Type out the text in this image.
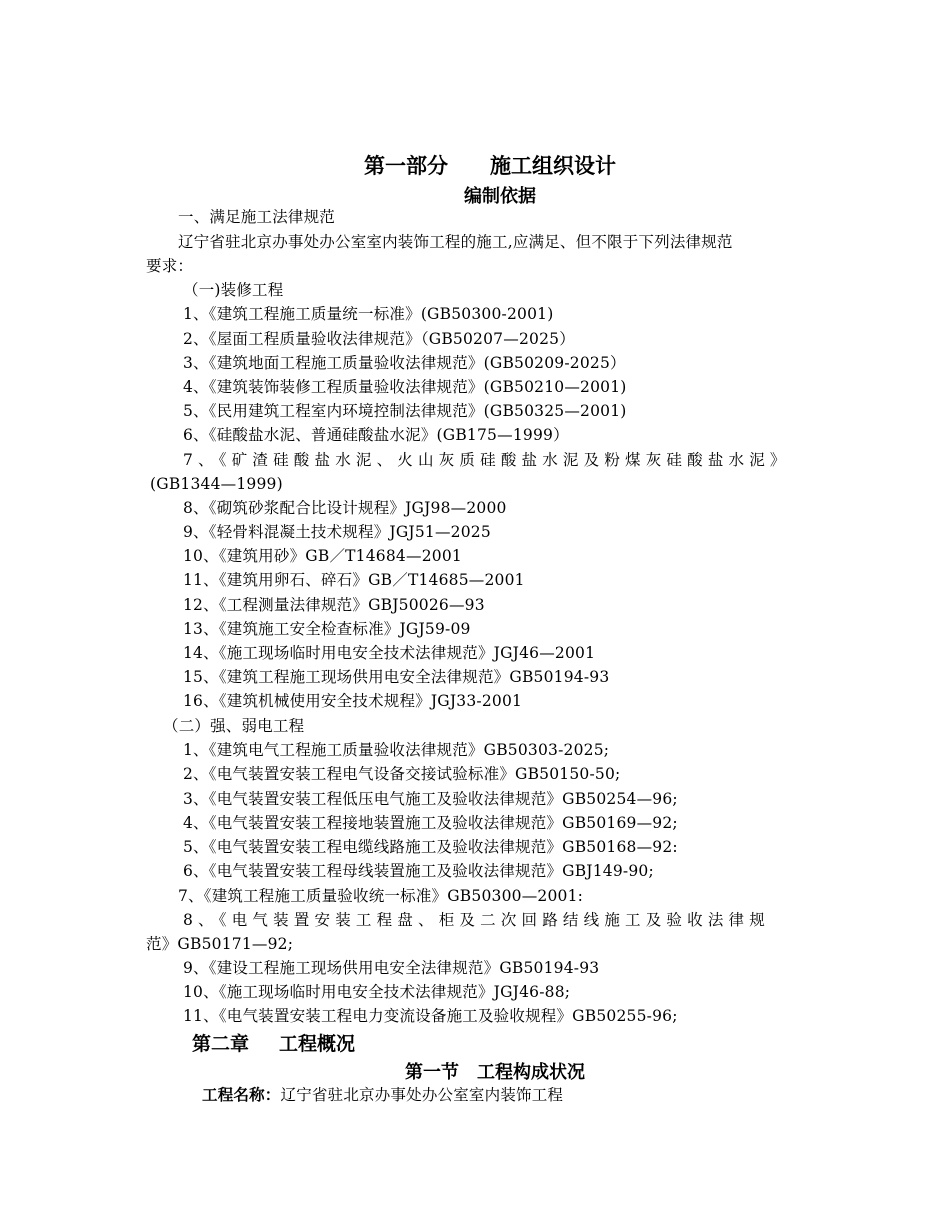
第一部分 施工组织设计
编制依据
一、满足施工法律规范
辽宁省驻北京办事处办公室室内装饰工程的施工,应满足、但不限于下列法律规范
要求：
（一)装修工程
1、《建筑工程施工质量统一标准》(GB50300-2001)
2、《屋面工程质量验收法律规范》（GB50207—2025）
3、《建筑地面工程施工质量验收法律规范》(GB50209-2025）
4、《建筑装饰装修工程质量验收法律规范》(GB50210—2001)
5、《民用建筑工程室内环境控制法律规范》(GB50325—2001)
6、《硅酸盐水泥、普通硅酸盐水泥》(GB175—1999）
7、《矿渣硅酸盐水泥、火山灰质硅酸盐水泥及粉煤灰硅酸盐水泥》
(GB1344—1999)
8、《砌筑砂浆配合比设计规程》JGJ98—2000
9、《轻骨料混凝土技术规程》JGJ51—2025
10、《建筑用砂》GB／T14684—2001
11、《建筑用卵石、碎石》GB／T14685—2001
12、《工程测量法律规范》GBJ50026—93
13、《建筑施工安全检查标准》JGJ59-09
14、《施工现场临时用电安全技术法律规范》JGJ46—2001
15、《建筑工程施工现场供用电安全法律规范》GB50194-93
16、《建筑机械使用安全技术规程》JGJ33-2001
（二）强、弱电工程
1、《建筑电气工程施工质量验收法律规范》GB50303-2025;
2、《电气装置安装工程电气设备交接试验标准》GB50150-50;
3、《电气装置安装工程低压电气施工及验收法律规范》GB50254—96;
4、《电气装置安装工程接地装置施工及验收法律规范》GB50169—92;
5、《电气装置安装工程电缆线路施工及验收法律规范》GB50168—92:
6、《电气装置安装工程母线装置施工及验收法律规范》GBJ149-90;
7、《建筑工程施工质量验收统一标准》GB50300—2001:
8、《电气装置安装工程盘、柜及二次回路结线施工及验收法律规
范》GB50171—92;
9、《建设工程施工现场供用电安全法律规范》GB50194-93
10、《施工现场临时用电安全技术法律规范》JGJ46-88;
11、《电气装置安装工程电力变流设备施工及验收规程》GB50255-96;
第二章 工程概况
第一节 工程构成状况
工程名称：辽宁省驻北京办事处办公室室内装饰工程
